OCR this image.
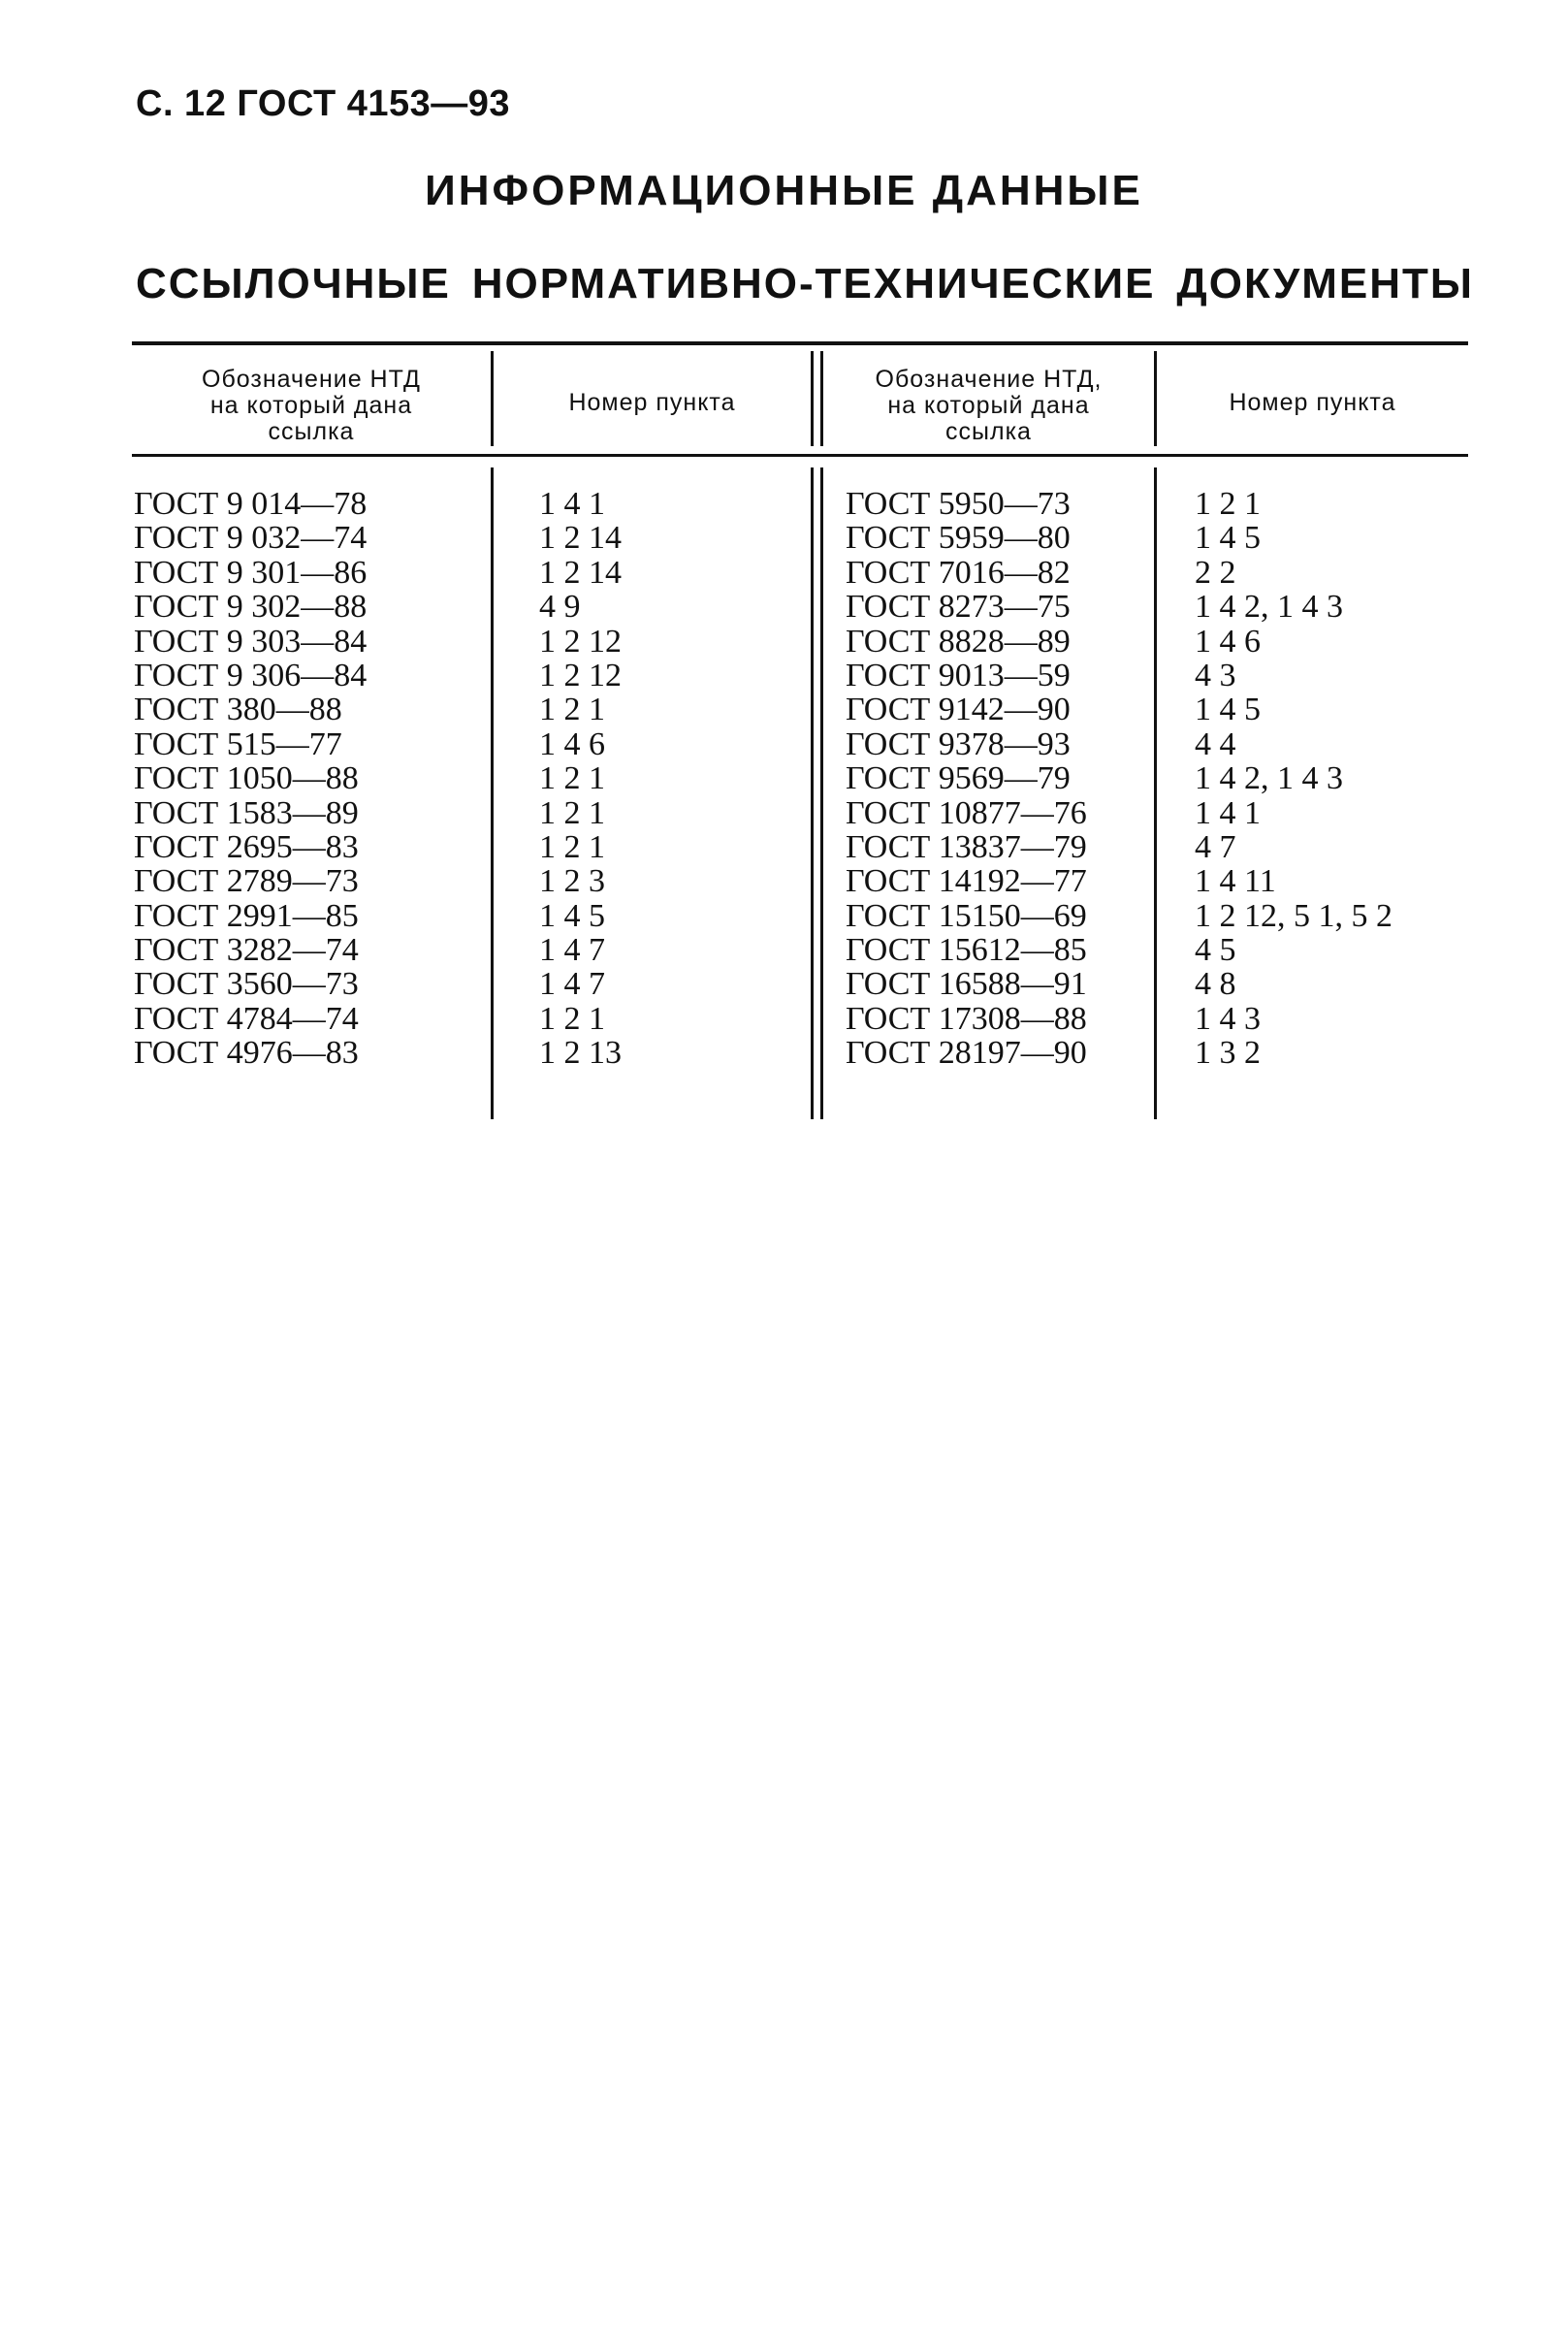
С. 12 ГОСТ 4153—93
ИНФОРМАЦИОННЫЕ ДАННЫЕ
ССЫЛОЧНЫЕ НОРМАТИВНО-ТЕХНИЧЕСКИЕ ДОКУМЕНТЫ
Обозначение НТД
на который дана
ссылка
Номер пункта
Обозначение НТД,
на который дана
ссылка
Номер пункта
ГОСТ 9 014—78
ГОСТ 9 032—74
ГОСТ 9 301—86
ГОСТ 9 302—88
ГОСТ 9 303—84
ГОСТ 9 306—84
ГОСТ 380—88
ГОСТ 515—77
ГОСТ 1050—88
ГОСТ 1583—89
ГОСТ 2695—83
ГОСТ 2789—73
ГОСТ 2991—85
ГОСТ 3282—74
ГОСТ 3560—73
ГОСТ 4784—74
ГОСТ 4976—83
1 4 1
1 2 14
1 2 14
4 9
1 2 12
1 2 12
1 2 1
1 4 6
1 2 1
1 2 1
1 2 1
1 2 3
1 4 5
1 4 7
1 4 7
1 2 1
1 2 13
ГОСТ 5950—73
ГОСТ 5959—80
ГОСТ 7016—82
ГОСТ 8273—75
ГОСТ 8828—89
ГОСТ 9013—59
ГОСТ 9142—90
ГОСТ 9378—93
ГОСТ 9569—79
ГОСТ 10877—76
ГОСТ 13837—79
ГОСТ 14192—77
ГОСТ 15150—69
ГОСТ 15612—85
ГОСТ 16588—91
ГОСТ 17308—88
ГОСТ 28197—90
1 2 1
1 4 5
2 2
1 4 2, 1 4 3
1 4 6
4 3
1 4 5
4 4
1 4 2, 1 4 3
1 4 1
4 7
1 4 11
1 2 12, 5 1, 5 2
4 5
4 8
1 4 3
1 3 2
